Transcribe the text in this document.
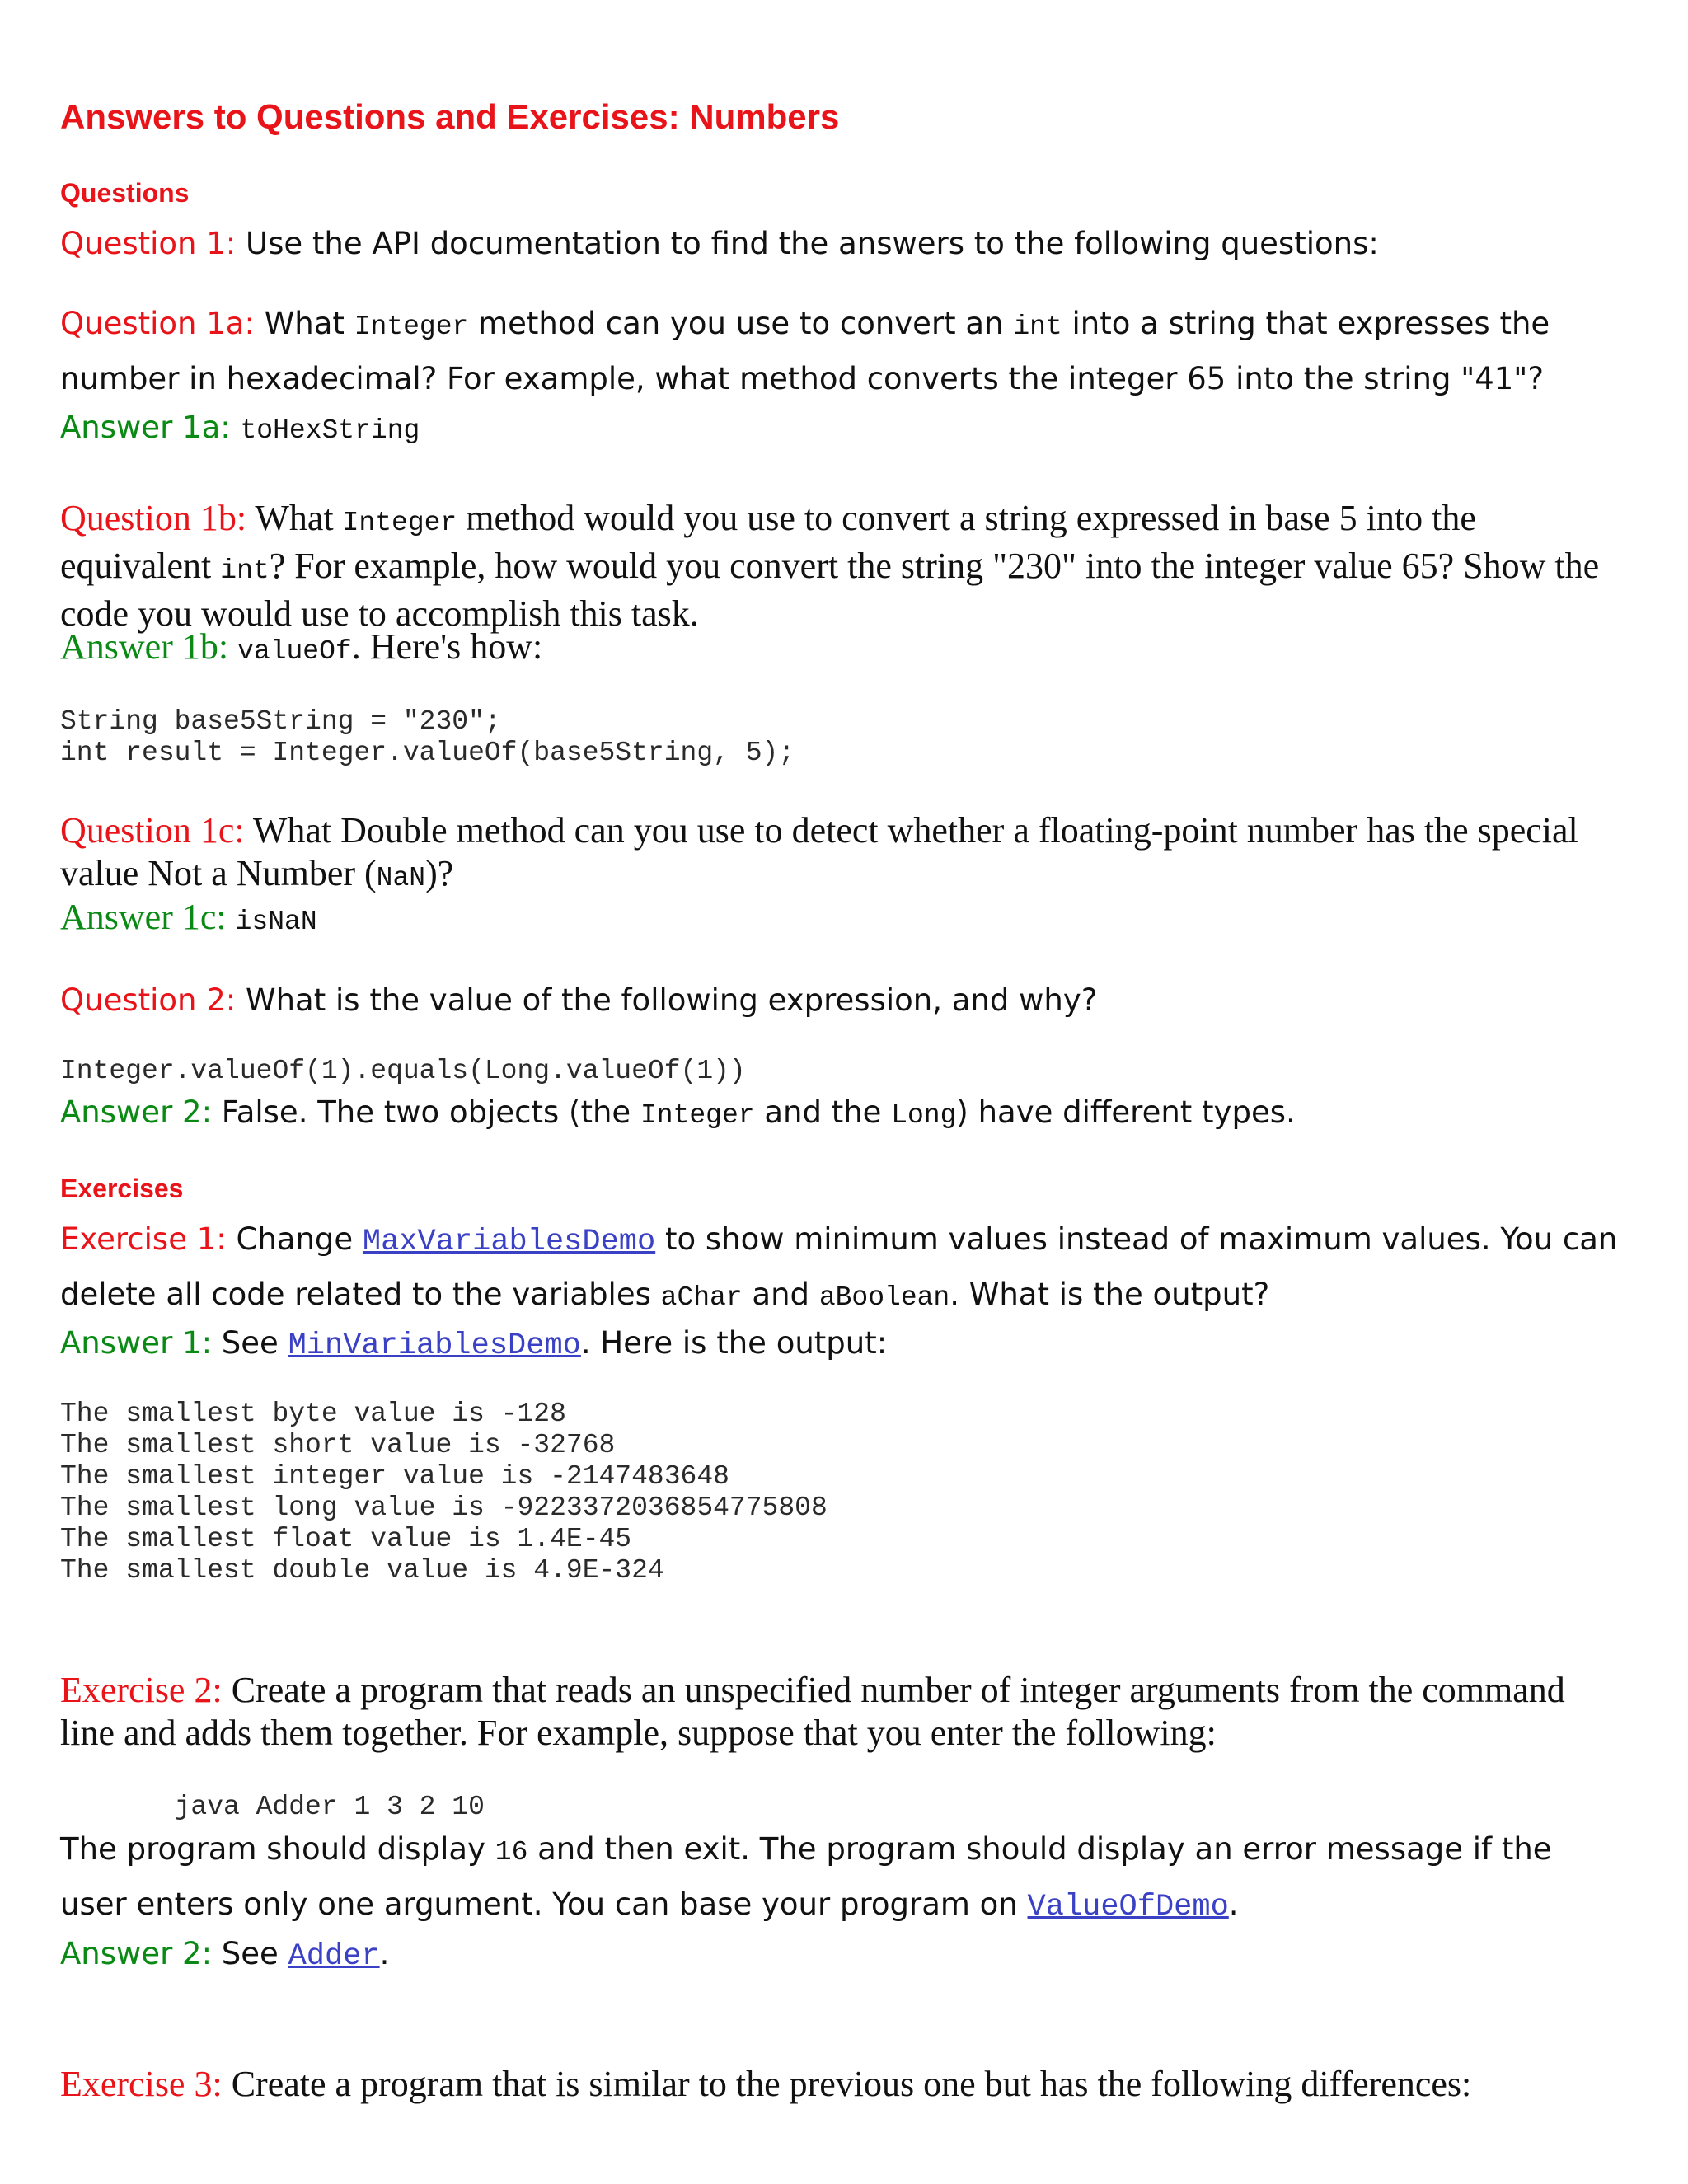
Answers to Questions and Exercises: Numbers
Questions

Question 1: Use the API documentation to find the answers to the following questions:

Question 1a: What Integer method can you use to convert an int into a string that expresses the number in hexadecimal? For example, what method converts the integer 65 into the string "41"?

Answer 1a: toHexString

Question 1b: What Integer method would you use to convert a string expressed in base 5 into the equivalent int? For example, how would you convert the string "230" into the integer value 65? Show the code you would use to accomplish this task.

Answer 1b: valueOf. Here's how:

String base5String = "230";
int result = Integer.valueOf(base5String, 5);

Question 1c: What Double method can you use to detect whether a floating-point number has the special value Not a Number (NaN)?

Answer 1c: isNaN

Question 2: What is the value of the following expression, and why?

Integer.valueOf(1).equals(Long.valueOf(1))

Answer 2: False. The two objects (the Integer and the Long) have different types.

Exercises

Exercise 1: Change MaxVariablesDemo to show minimum values instead of maximum values. You can delete all code related to the variables aChar and aBoolean. What is the output?

Answer 1: See MinVariablesDemo. Here is the output:

The smallest byte value is -128
The smallest short value is -32768
The smallest integer value is -2147483648
The smallest long value is -9223372036854775808
The smallest float value is 1.4E-45
The smallest double value is 4.9E-324

Exercise 2: Create a program that reads an unspecified number of integer arguments from the command line and adds them together. For example, suppose that you enter the following:

java Adder 1 3 2 10

The program should display 16 and then exit. The program should display an error message if the user enters only one argument. You can base your program on ValueOfDemo.

Answer 2: See Adder.

Exercise 3: Create a program that is similar to the previous one but has the following differences:
